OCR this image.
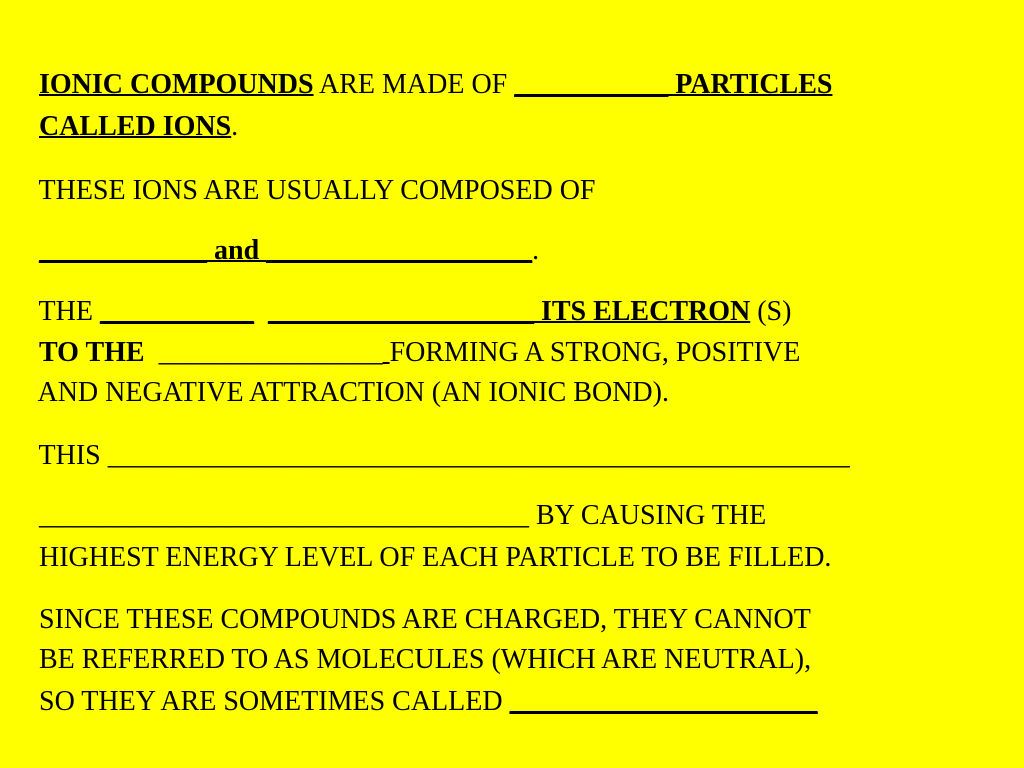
IONIC COMPOUNDS ARE MADE OF ___________ PARTICLES

CALLED IONS.

THESE IONS ARE USUALLY COMPOSED OF

____________ and ___________________.

THE ___________ ___________________ ITS ELECTRON (S)

TO THE  ________________ FORMING A STRONG, POSITIVE

AND NEGATIVE ATTRACTION (AN IONIC BOND).

THIS _____________________________________________________

___________________________________ BY CAUSING THE

HIGHEST ENERGY LEVEL OF EACH PARTICLE TO BE FILLED.

SINCE THESE COMPOUNDS ARE CHARGED, THEY CANNOT

BE REFERRED TO AS MOLECULES (WHICH ARE NEUTRAL),

SO THEY ARE SOMETIMES CALLED ______________________
